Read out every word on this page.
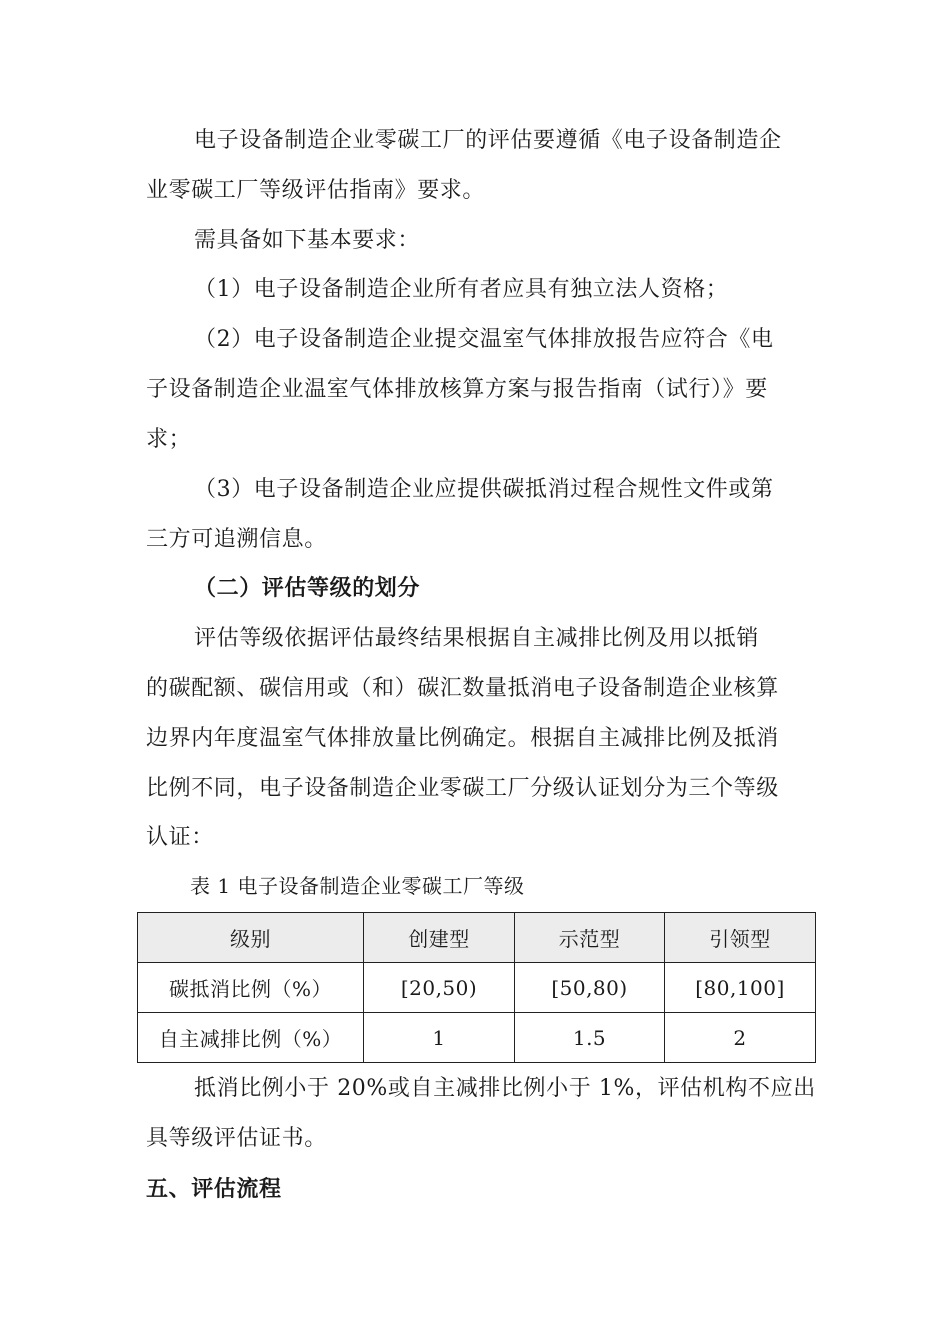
电子设备制造企业零碳工厂的评估要遵循《电子设备制造企
业零碳工厂等级评估指南》要求。
需具备如下基本要求：
（1）电子设备制造企业所有者应具有独立法人资格；
（2）电子设备制造企业提交温室气体排放报告应符合《电
子设备制造企业温室气体排放核算方案与报告指南（试行）》要
求；
（3）电子设备制造企业应提供碳抵消过程合规性文件或第
三方可追溯信息。
（二）评估等级的划分
评估等级依据评估最终结果根据自主减排比例及用以抵销
的碳配额、碳信用或（和）碳汇数量抵消电子设备制造企业核算
边界内年度温室气体排放量比例确定。根据自主减排比例及抵消
比例不同，电子设备制造企业零碳工厂分级认证划分为三个等级
认证：
表 1 电子设备制造企业零碳工厂等级
级别	创建型	示范型	引领型
碳抵消比例（%）	[20,50)	[50,80)	[80,100]
自主减排比例（%）	1	1.5	2
抵消比例小于 20%或自主减排比例小于 1%，评估机构不应出
具等级评估证书。
五、评估流程
